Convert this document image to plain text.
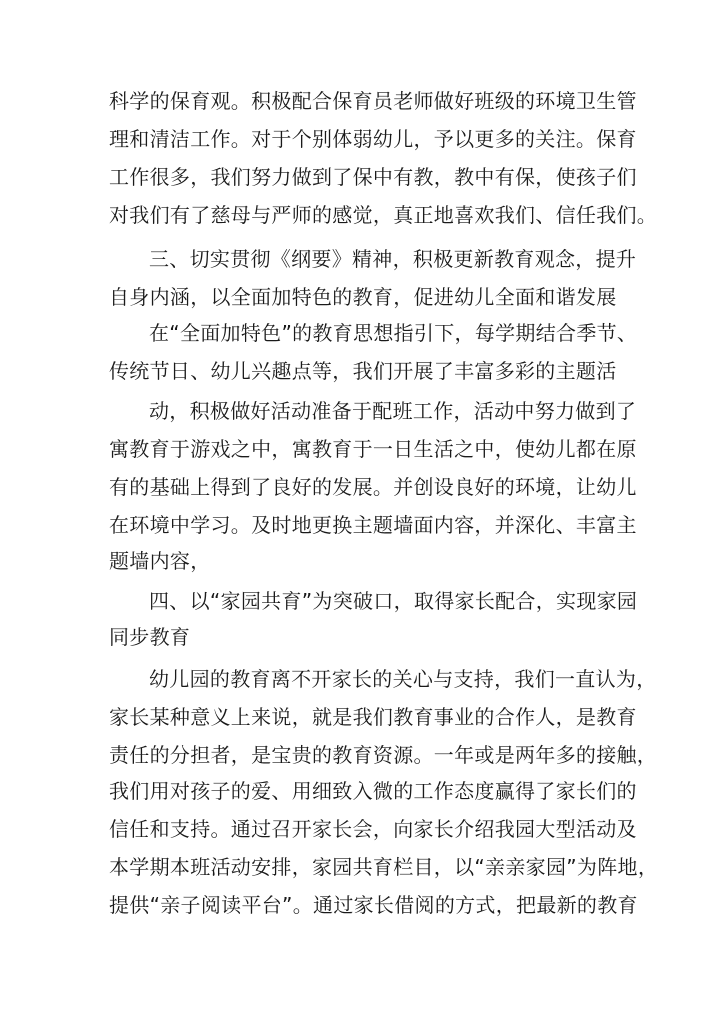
科学的保育观。积极配合保育员老师做好班级的环境卫生管
理和清洁工作。对于个别体弱幼儿，予以更多的关注。保育
工作很多，我们努力做到了保中有教，教中有保，使孩子们
对我们有了慈母与严师的感觉，真正地喜欢我们、信任我们。
三、切实贯彻《纲要》精神，积极更新教育观念，提升
自身内涵，以全面加特色的教育，促进幼儿全面和谐发展
在“全面加特色”的教育思想指引下，每学期结合季节、
传统节日、幼儿兴趣点等，我们开展了丰富多彩的主题活
动，积极做好活动准备于配班工作，活动中努力做到了
寓教育于游戏之中，寓教育于一日生活之中，使幼儿都在原
有的基础上得到了良好的发展。并创设良好的环境，让幼儿
在环境中学习。及时地更换主题墙面内容，并深化、丰富主
题墙内容，
四、以“家园共育”为突破口，取得家长配合，实现家园
同步教育
幼儿园的教育离不开家长的关心与支持，我们一直认为，
家长某种意义上来说，就是我们教育事业的合作人，是教育
责任的分担者，是宝贵的教育资源。一年或是两年多的接触，
我们用对孩子的爱、用细致入微的工作态度赢得了家长们的
信任和支持。通过召开家长会，向家长介绍我园大型活动及
本学期本班活动安排，家园共育栏目，以“亲亲家园”为阵地，
提供“亲子阅读平台”。通过家长借阅的方式，把最新的教育
